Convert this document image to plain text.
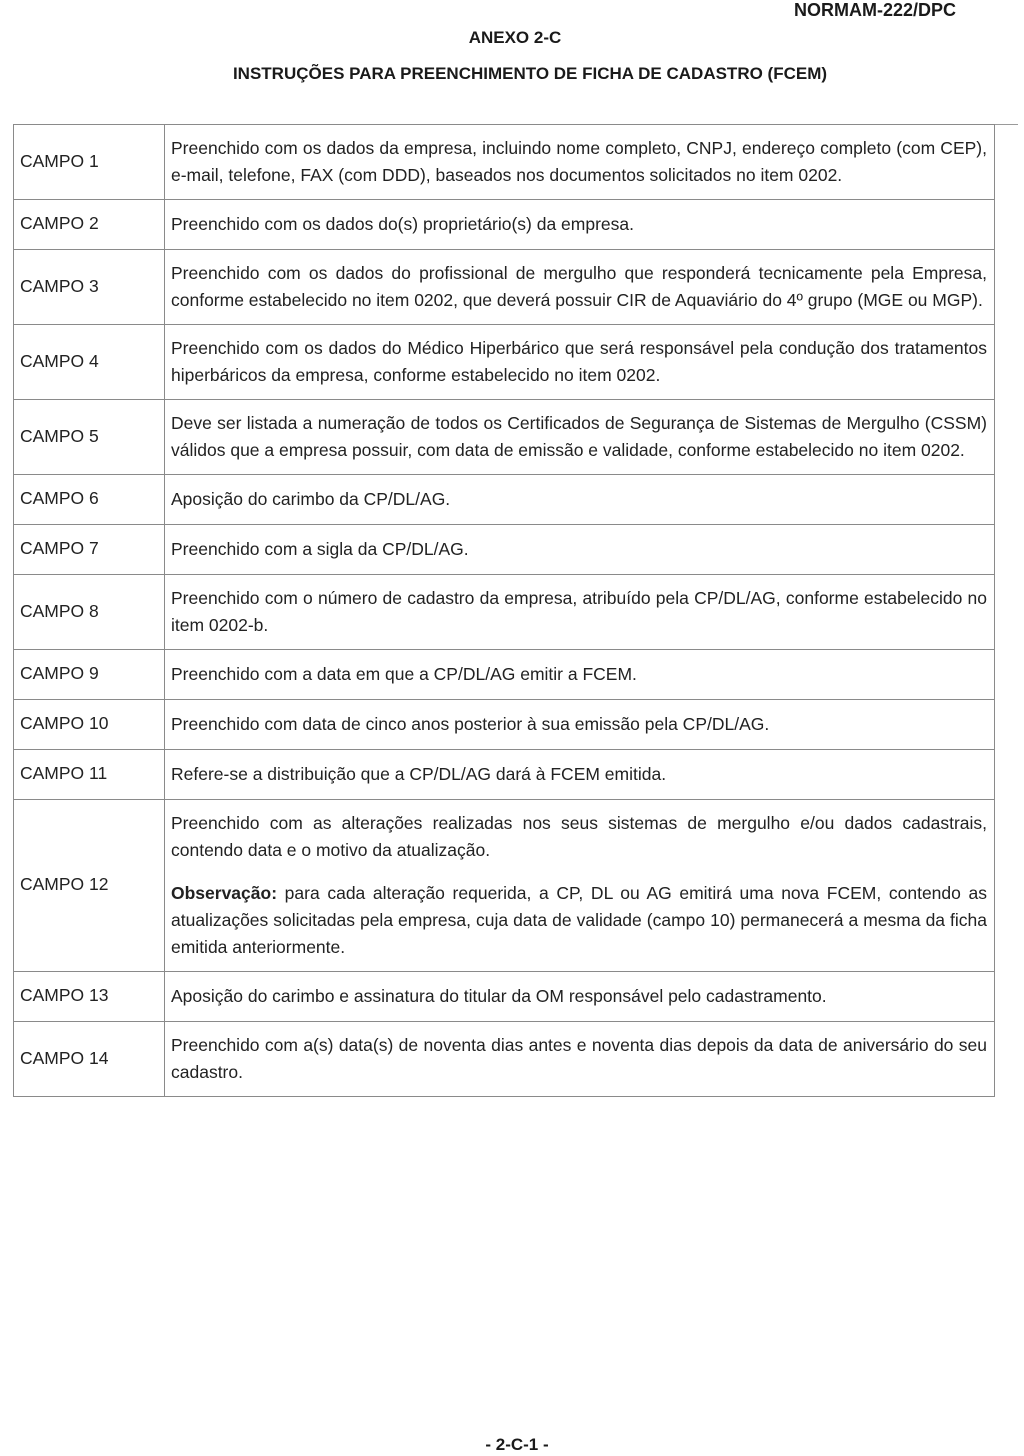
NORMAM-222/DPC
ANEXO 2-C
INSTRUÇÕES PARA PREENCHIMENTO DE FICHA DE CADASTRO (FCEM)
CAMPO 1	Preenchido com os dados da empresa, incluindo nome completo, CNPJ, endereço completo (com CEP), e-mail, telefone, FAX (com DDD), baseados nos documentos solicitados no item 0202.
CAMPO 2	Preenchido com os dados do(s) proprietário(s) da empresa.
CAMPO 3	Preenchido com os dados do profissional de mergulho que responderá tecnicamente pela Empresa, conforme estabelecido no item 0202, que deverá possuir CIR de Aquaviário do 4º grupo (MGE ou MGP).
CAMPO 4	Preenchido com os dados do Médico Hiperbárico que será responsável pela condução dos tratamentos hiperbáricos da empresa, conforme estabelecido no item 0202.
CAMPO 5	Deve ser listada a numeração de todos os Certificados de Segurança de Sistemas de Mergulho (CSSM) válidos que a empresa possuir, com data de emissão e validade, conforme estabelecido no item 0202.
CAMPO 6	Aposição do carimbo da CP/DL/AG.
CAMPO 7	Preenchido com a sigla da CP/DL/AG.
CAMPO 8	Preenchido com o número de cadastro da empresa, atribuído pela CP/DL/AG, conforme estabelecido no item 0202-b.
CAMPO 9	Preenchido com a data em que a CP/DL/AG emitir a FCEM.
CAMPO 10	Preenchido com data de cinco anos posterior à sua emissão pela CP/DL/AG.
CAMPO 11	Refere-se a distribuição que a CP/DL/AG dará à FCEM emitida.
CAMPO 12	Preenchido com as alterações realizadas nos seus sistemas de mergulho e/ou dados cadastrais, contendo data e o motivo da atualização.
Observação: para cada alteração requerida, a CP, DL ou AG emitirá uma nova FCEM, contendo as atualizações solicitadas pela empresa, cuja data de validade (campo 10) permanecerá a mesma da ficha emitida anteriormente.

CAMPO 13	Aposição do carimbo e assinatura do titular da OM responsável pelo cadastramento.
CAMPO 14	Preenchido com a(s) data(s) de noventa dias antes e noventa dias depois da data de aniversário do seu cadastro.
- 2-C-1 -
